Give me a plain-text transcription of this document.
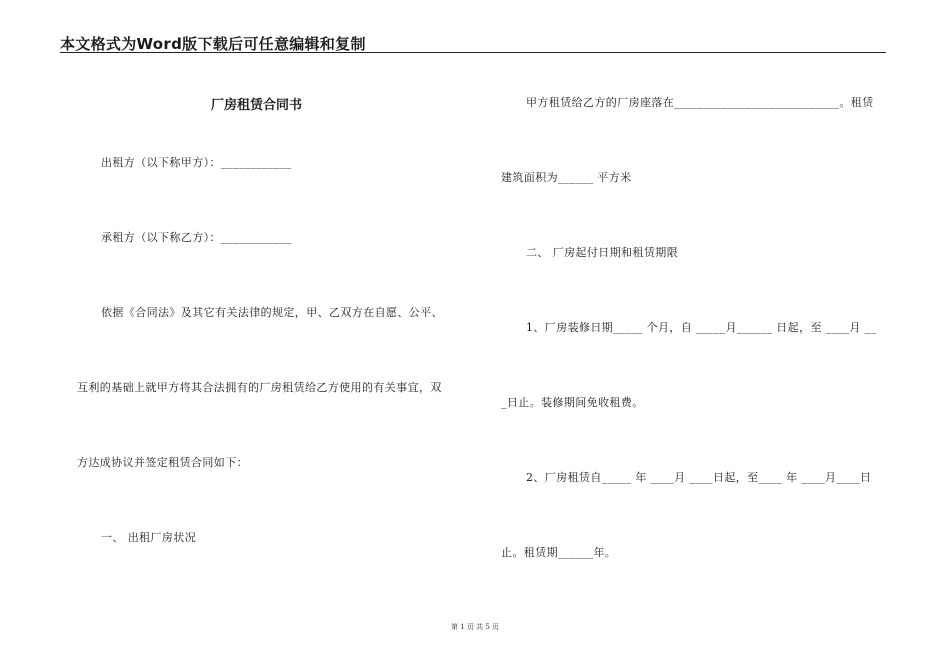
本文格式为Word版下载后可任意编辑和复制
厂房租赁合同书
出租方（以下称甲方）：____________
承租方（以下称乙方）：____________
依据《合同法》及其它有关法律的规定，甲、乙双方在自愿、公平、
互利的基础上就甲方将其合法拥有的厂房租赁给乙方使用的有关事宜，双
方达成协议并签定租赁合同如下：
一、 出租厂房状况
甲方租赁给乙方的厂房座落在____________________________。租赁
建筑面积为______ 平方米
二、 厂房起付日期和租赁期限
1、厂房装修日期_____ 个月，自 _____月______ 日起，至 ____月 __
_日止。装修期间免收租费。
2、厂房租赁自_____ 年 ____月 ____日起，至____ 年 ____月____日
止。租赁期______年。
第 1 页 共 5 页
